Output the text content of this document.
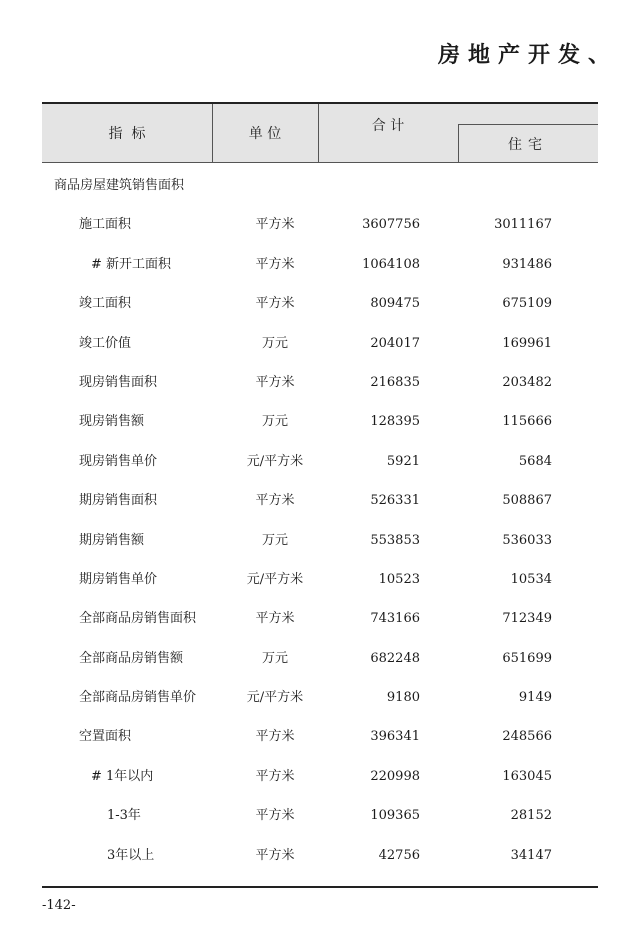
房地产开发、
指  标	单 位	合 计
住宅
商品房屋建筑销售面积
施工面积	平方米	3607756	3011167
# 新开工面积	平方米	1064108	931486
竣工面积	平方米	809475	675109
竣工价值	万元	204017	169961
现房销售面积	平方米	216835	203482
现房销售额	万元	128395	115666
现房销售单价	元/平方米	5921	5684
期房销售面积	平方米	526331	508867
期房销售额	万元	553853	536033
期房销售单价	元/平方米	10523	10534
全部商品房销售面积	平方米	743166	712349
全部商品房销售额	万元	682248	651699
全部商品房销售单价	元/平方米	9180	9149
空置面积	平方米	396341	248566
# 1年以内	平方米	220998	163045
1-3年	平方米	109365	28152
3年以上	平方米	42756	34147
-142-
